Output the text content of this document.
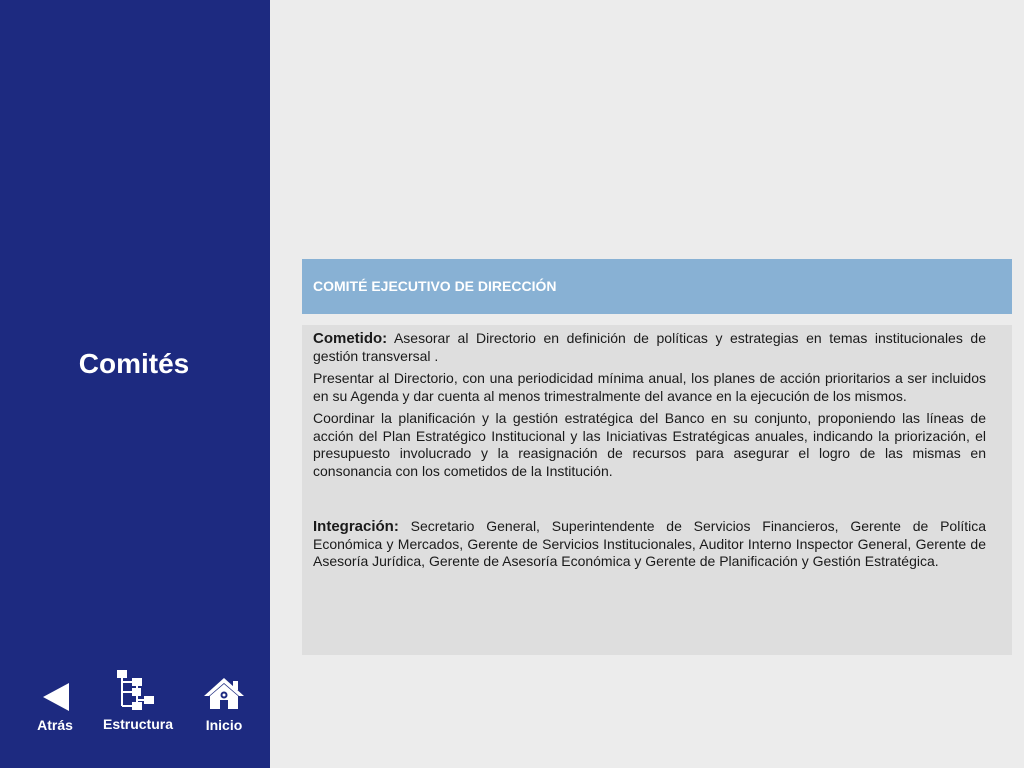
Comités
Atrás	Estructura	Inicio
COMITÉ EJECUTIVO DE DIRECCIÓN

Cometido: Asesorar al Directorio en definición de políticas y estrategias en temas institucionales de gestión transversal .

Presentar al Directorio, con una periodicidad mínima anual, los planes de acción prioritarios a ser incluidos en su Agenda y dar cuenta al menos trimestralmente del avance en la ejecución de los mismos.

Coordinar la planificación y la gestión estratégica del Banco en su conjunto, proponiendo las líneas de acción del Plan Estratégico Institucional y las Iniciativas Estratégicas anuales, indicando la priorización, el presupuesto involucrado y la reasignación de recursos para asegurar el logro de las mismas en consonancia con los cometidos de la Institución.

Integración: Secretario General, Superintendente de Servicios Financieros, Gerente de Política Económica y Mercados, Gerente de Servicios Institucionales, Auditor Interno Inspector General, Gerente de Asesoría Jurídica, Gerente de Asesoría Económica y Gerente de Planificación y Gestión Estratégica.
